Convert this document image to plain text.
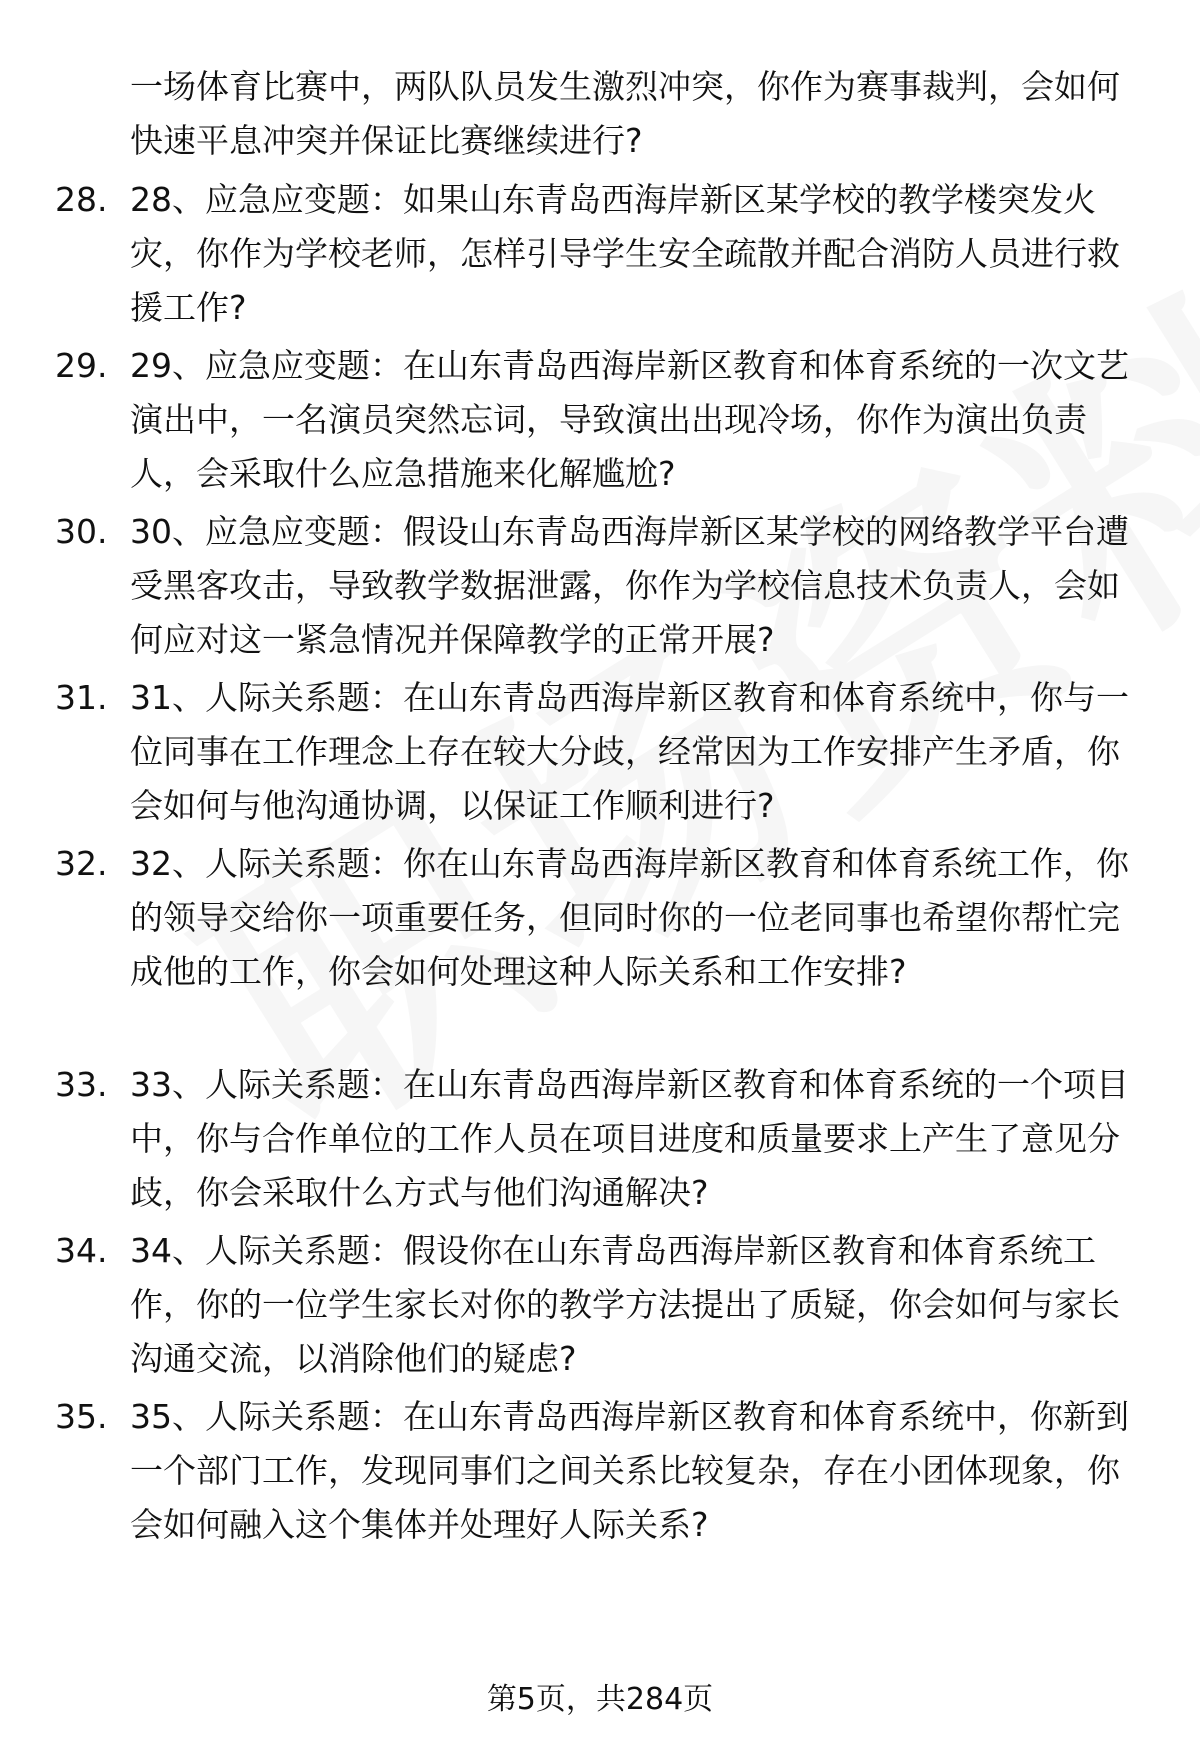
一场体育比赛中，两队队员发生激烈冲突，你作为赛事裁判，会如何快速平息冲突并保证比赛继续进行?
28. 28、应急应变题：如果山东青岛西海岸新区某学校的教学楼突发火灾，你作为学校老师，怎样引导学生安全疏散并配合消防人员进行救援工作?
29. 29、应急应变题：在山东青岛西海岸新区教育和体育系统的一次文艺演出中，一名演员突然忘词，导致演出出现冷场，你作为演出负责人，会采取什么应急措施来化解尴尬?
30. 30、应急应变题：假设山东青岛西海岸新区某学校的网络教学平台遭受黑客攻击，导致教学数据泄露，你作为学校信息技术负责人，会如何应对这一紧急情况并保障教学的正常开展?
31. 31、人际关系题：在山东青岛西海岸新区教育和体育系统中，你与一位同事在工作理念上存在较大分歧，经常因为工作安排产生矛盾，你会如何与他沟通协调，以保证工作顺利进行?
32. 32、人际关系题：你在山东青岛西海岸新区教育和体育系统工作，你的领导交给你一项重要任务，但同时你的一位老同事也希望你帮忙完成他的工作，你会如何处理这种人际关系和工作安排?
33. 33、人际关系题：在山东青岛西海岸新区教育和体育系统的一个项目中，你与合作单位的工作人员在项目进度和质量要求上产生了意见分歧，你会采取什么方式与他们沟通解决?
34. 34、人际关系题：假设你在山东青岛西海岸新区教育和体育系统工作，你的一位学生家长对你的教学方法提出了质疑，你会如何与家长沟通交流，以消除他们的疑虑?
35. 35、人际关系题：在山东青岛西海岸新区教育和体育系统中，你新到一个部门工作，发现同事们之间关系比较复杂，存在小团体现象，你会如何融入这个集体并处理好人际关系?
第5页，共284页
